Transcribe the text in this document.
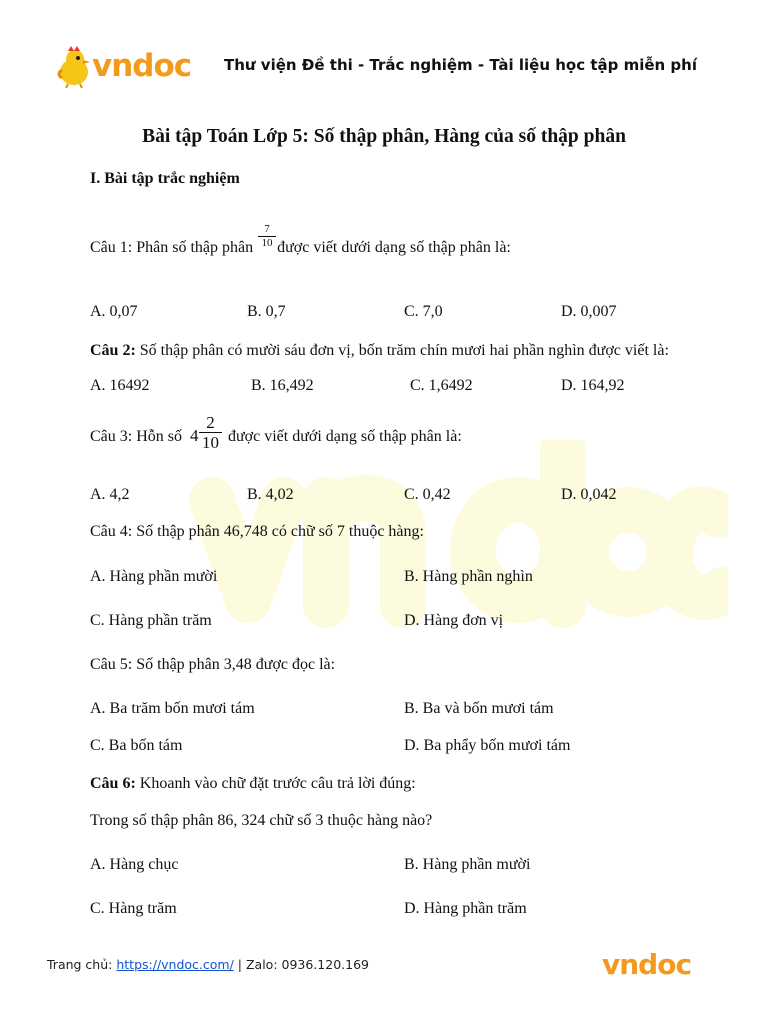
vndoc Thư viện Đề thi - Trắc nghiệm - Tài liệu học tập miễn phí
Bài tập Toán Lớp 5: Số thập phân, Hàng của số thập phân
I. Bài tập trắc nghiệm
Câu 1: Phân số thập phân  được viết dưới dạng số thập phân là:
7
10
A. 0,07	B. 0,7	C. 7,0	D. 0,007
Câu 2: Số thập phân có mười sáu đơn vị, bốn trăm chín mươi hai phần nghìn được viết là:
A. 16492	B. 16,492	C. 1,6492	D. 164,92
Câu 3: Hỗn số  được viết dưới dạng số thập phân là:
4
2
10
A. 4,2	B. 4,02	C. 0,42	D. 0,042
Câu 4: Số thập phân 46,748 có chữ số 7 thuộc hàng:
A. Hàng phần mười	B. Hàng phần nghìn
C. Hàng phần trăm	D. Hàng đơn vị
Câu 5: Số thập phân 3,48 được đọc là:
A. Ba trăm bốn mươi tám	B. Ba và bốn mươi tám
C. Ba bốn tám	D. Ba phẩy bốn mươi tám
Câu 6: Khoanh vào chữ đặt trước câu trả lời đúng:
Trong số thập phân 86, 324 chữ số 3 thuộc hàng nào?
A. Hàng chục	B. Hàng phần mười
C. Hàng trăm	D. Hàng phần trăm
Trang chủ: https://vndoc.com/ | Zalo: 0936.120.169	vndoc
